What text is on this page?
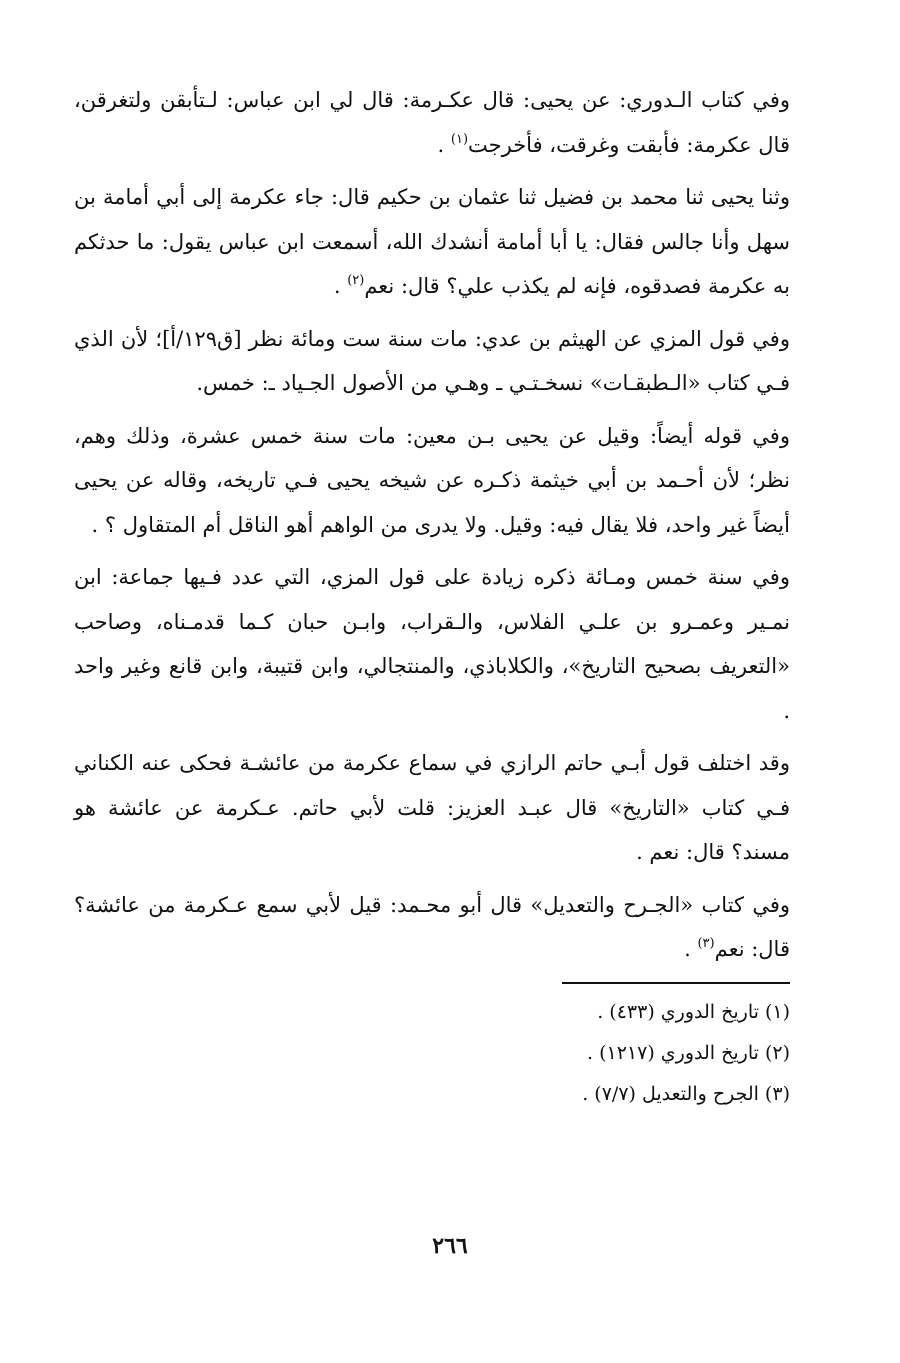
وفي كتاب الـدوري: عن يحيى: قال عكـرمة: قال لي ابن عباس: لـتأبقن ولتغرقن، قال عكرمة: فأبقت وغرقت، فأخرجت$^{(١)}$ .

وثنا يحيى ثنا محمد بن فضيل ثنا عثمان بن حكيم قال: جاء عكرمة إلى أبي أمامة بن سهل وأنا جالس فقال: يا أبا أمامة أنشدك الله، أسمعت ابن عباس يقول: ما حدثكم به عكرمة فصدقوه، فإنه لم يكذب علي؟ قال: نعم$^{(٢)}$ .

وفي قول المزي عن الهيثم بن عدي: مات سنة ست ومائة نظر [ق١٢٩/أ]؛ لأن الذي فـي كتاب «الـطبقـات» نسخـتـي ـ وهـي من الأصول الجـياد ـ: خمس.

وفي قوله أيضاً: وقيل عن يحيى بـن معين: مات سنة خمس عشرة، وذلك وهم، نظر؛ لأن أحـمد بن أبي خيثمة ذكـره عن شيخه يحيى فـي تاريخه، وقاله عن يحيى أيضاً غير واحد، فلا يقال فيه: وقيل. ولا يدرى من الواهم أهو الناقل أم المتقاول ؟ .

وفي سنة خمس ومـائة ذكره زيادة على قول المزي، التي عدد فـيها جماعة: ابن نمـير وعمـرو بن علـي الفلاس، والـقراب، وابـن حبان كـما قدمـناه، وصاحب «التعريف بصحيح التاريخ»، والكلاباذي، والمنتجالي، وابن قتيبة، وابن قانع وغير واحد .

وقد اختلف قول أبـي حاتم الرازي في سماع عكرمة من عائشـة فحكى عنه الكناني فـي كتاب «التاريخ» قال عبـد العزيز: قلت لأبي حاتم. عـكرمة عن عائشة هو مسند؟ قال: نعم .

وفي كتاب «الجـرح والتعديل» قال أبو محـمد: قيل لأبي سمع عـكرمة من عائشة؟ قال: نعم$^{(٣)}$ .

(١) تاريخ الدوري (٤٣٣) .

(٢) تاريخ الدوري (١٢١٧) .

(٣) الجرح والتعديل (٧/٧) .

٢٦٦
